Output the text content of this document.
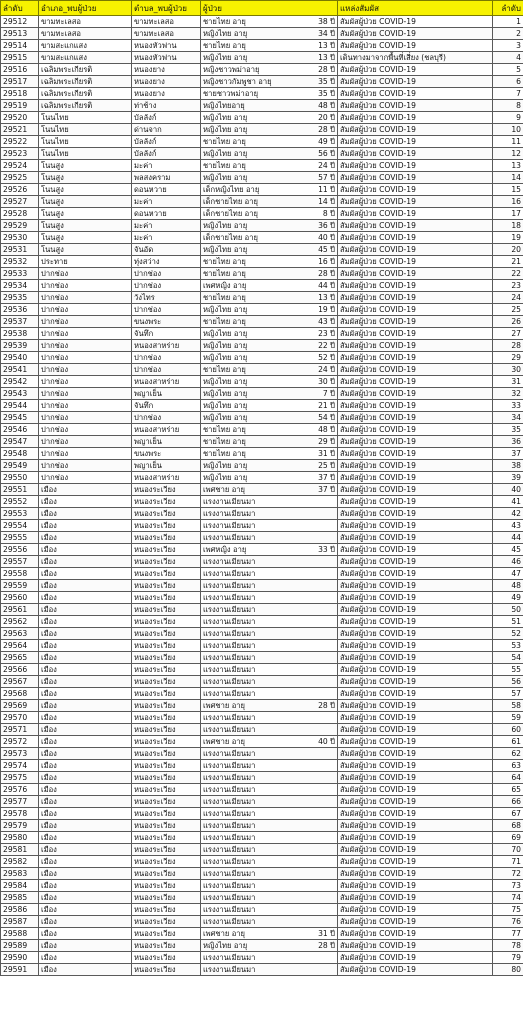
ลำดับ	อำเภอ_พบผู้ป่วย	ตำบล_พบผู้ป่วย	ผู้ป่วย	แหล่งสัมผัส	ลำดับ
29512	ขามทะเลสอ	ขามทะเลสอ	ชายไทย อายุ 38 ปี	สัมผัสผู้ป่วย COVID-19	1
29513	ขามทะเลสอ	ขามทะเลสอ	หญิงไทย อายุ 34 ปี	สัมผัสผู้ป่วย COVID-19	2
29514	ขามสะแกแสง	หนองหัวฟาน	ชายไทย อายุ 13 ปี	สัมผัสผู้ป่วย COVID-19	3
29515	ขามสะแกแสง	หนองหัวฟาน	หญิงไทย อายุ 13 ปี	เดินทางมาจากพื้นที่เสี่ยง (ชลบุรี)	4
29516	เฉลิมพระเกียรติ	หนองยาง	หญิงชาวพม่าอายุ 28 ปี	สัมผัสผู้ป่วย COVID-19	5
29517	เฉลิมพระเกียรติ	หนองยาง	หญิงชาวกัมพูชา อายุ 35 ปี	สัมผัสผู้ป่วย COVID-19	6
29518	เฉลิมพระเกียรติ	หนองยาง	ชายชาวพม่าอายุ 35 ปี	สัมผัสผู้ป่วย COVID-19	7
29519	เฉลิมพระเกียรติ	ท่าช้าง	หญิงไทยอายุ 48 ปี	สัมผัสผู้ป่วย COVID-19	8
29520	โนนไทย	บัลลังก์	หญิงไทย อายุ 20 ปี	สัมผัสผู้ป่วย COVID-19	9
29521	โนนไทย	ด่านจาก	หญิงไทย อายุ 28 ปี	สัมผัสผู้ป่วย COVID-19	10
29522	โนนไทย	บัลลังก์	ชายไทย อายุ 49 ปี	สัมผัสผู้ป่วย COVID-19	11
29523	โนนไทย	บัลลังก์	หญิงไทย อายุ 56 ปี	สัมผัสผู้ป่วย COVID-19	12
29524	โนนสูง	มะค่า	ชายไทย อายุ 24 ปี	สัมผัสผู้ป่วย COVID-19	13
29525	โนนสูง	พลสงคราม	หญิงไทย อายุ 57 ปี	สัมผัสผู้ป่วย COVID-19	14
29526	โนนสูง	ดอนหวาย	เด็กหญิงไทย อายุ 11 ปี	สัมผัสผู้ป่วย COVID-19	15
29527	โนนสูง	มะค่า	เด็กชายไทย อายุ 14 ปี	สัมผัสผู้ป่วย COVID-19	16
29528	โนนสูง	ดอนหวาย	เด็กชายไทย อายุ 8 ปี	สัมผัสผู้ป่วย COVID-19	17
29529	โนนสูง	มะค่า	หญิงไทย อายุ 36 ปี	สัมผัสผู้ป่วย COVID-19	18
29530	โนนสูง	มะค่า	เด็กชายไทย อายุ 40 ปี	สัมผัสผู้ป่วย COVID-19	19
29531	โนนสูง	จันอัด	หญิงไทย อายุ 45 ปี	สัมผัสผู้ป่วย COVID-19	20
29532	ประทาย	ทุ่งสว่าง	ชายไทย อายุ 16 ปี	สัมผัสผู้ป่วย COVID-19	21
29533	ปากช่อง	ปากช่อง	ชายไทย อายุ 28 ปี	สัมผัสผู้ป่วย COVID-19	22
29534	ปากช่อง	ปากช่อง	เพศหญิง อายุ 44 ปี	สัมผัสผู้ป่วย COVID-19	23
29535	ปากช่อง	วังไทร	ชายไทย อายุ 13 ปี	สัมผัสผู้ป่วย COVID-19	24
29536	ปากช่อง	ปากช่อง	หญิงไทย อายุ 19 ปี	สัมผัสผู้ป่วย COVID-19	25
29537	ปากช่อง	ขนงพระ	ชายไทย อายุ 43 ปี	สัมผัสผู้ป่วย COVID-19	26
29538	ปากช่อง	จันทึก	หญิงไทย อายุ 23 ปี	สัมผัสผู้ป่วย COVID-19	27
29539	ปากช่อง	หนองสาหร่าย	หญิงไทย อายุ 22 ปี	สัมผัสผู้ป่วย COVID-19	28
29540	ปากช่อง	ปากช่อง	หญิงไทย อายุ 52 ปี	สัมผัสผู้ป่วย COVID-19	29
29541	ปากช่อง	ปากช่อง	ชายไทย อายุ 24 ปี	สัมผัสผู้ป่วย COVID-19	30
29542	ปากช่อง	หนองสาหร่าย	หญิงไทย อายุ 30 ปี	สัมผัสผู้ป่วย COVID-19	31
29543	ปากช่อง	พญาเย็น	หญิงไทย อายุ 7 ปี	สัมผัสผู้ป่วย COVID-19	32
29544	ปากช่อง	จันทึก	หญิงไทย อายุ 21 ปี	สัมผัสผู้ป่วย COVID-19	33
29545	ปากช่อง	ปากช่อง	หญิงไทย อายุ 54 ปี	สัมผัสผู้ป่วย COVID-19	34
29546	ปากช่อง	หนองสาหร่าย	ชายไทย อายุ 48 ปี	สัมผัสผู้ป่วย COVID-19	35
29547	ปากช่อง	พญาเย็น	ชายไทย อายุ 29 ปี	สัมผัสผู้ป่วย COVID-19	36
29548	ปากช่อง	ขนงพระ	ชายไทย อายุ 31 ปี	สัมผัสผู้ป่วย COVID-19	37
29549	ปากช่อง	พญาเย็น	หญิงไทย อายุ 25 ปี	สัมผัสผู้ป่วย COVID-19	38
29550	ปากช่อง	หนองสาหร่าย	หญิงไทย อายุ 37 ปี	สัมผัสผู้ป่วย COVID-19	39
29551	เมือง	หนองระเวียง	เพศชาย อายุ 37 ปี	สัมผัสผู้ป่วย COVID-19	40
29552	เมือง	หนองระเวียง	แรงงานเมียนมา	สัมผัสผู้ป่วย COVID-19	41
29553	เมือง	หนองระเวียง	แรงงานเมียนมา	สัมผัสผู้ป่วย COVID-19	42
29554	เมือง	หนองระเวียง	แรงงานเมียนมา	สัมผัสผู้ป่วย COVID-19	43
29555	เมือง	หนองระเวียง	แรงงานเมียนมา	สัมผัสผู้ป่วย COVID-19	44
29556	เมือง	หนองระเวียง	เพศหญิง อายุ 33 ปี	สัมผัสผู้ป่วย COVID-19	45
29557	เมือง	หนองระเวียง	แรงงานเมียนมา	สัมผัสผู้ป่วย COVID-19	46
29558	เมือง	หนองระเวียง	แรงงานเมียนมา	สัมผัสผู้ป่วย COVID-19	47
29559	เมือง	หนองระเวียง	แรงงานเมียนมา	สัมผัสผู้ป่วย COVID-19	48
29560	เมือง	หนองระเวียง	แรงงานเมียนมา	สัมผัสผู้ป่วย COVID-19	49
29561	เมือง	หนองระเวียง	แรงงานเมียนมา	สัมผัสผู้ป่วย COVID-19	50
29562	เมือง	หนองระเวียง	แรงงานเมียนมา	สัมผัสผู้ป่วย COVID-19	51
29563	เมือง	หนองระเวียง	แรงงานเมียนมา	สัมผัสผู้ป่วย COVID-19	52
29564	เมือง	หนองระเวียง	แรงงานเมียนมา	สัมผัสผู้ป่วย COVID-19	53
29565	เมือง	หนองระเวียง	แรงงานเมียนมา	สัมผัสผู้ป่วย COVID-19	54
29566	เมือง	หนองระเวียง	แรงงานเมียนมา	สัมผัสผู้ป่วย COVID-19	55
29567	เมือง	หนองระเวียง	แรงงานเมียนมา	สัมผัสผู้ป่วย COVID-19	56
29568	เมือง	หนองระเวียง	แรงงานเมียนมา	สัมผัสผู้ป่วย COVID-19	57
29569	เมือง	หนองระเวียง	เพศชาย อายุ 28 ปี	สัมผัสผู้ป่วย COVID-19	58
29570	เมือง	หนองระเวียง	แรงงานเมียนมา	สัมผัสผู้ป่วย COVID-19	59
29571	เมือง	หนองระเวียง	แรงงานเมียนมา	สัมผัสผู้ป่วย COVID-19	60
29572	เมือง	หนองระเวียง	เพศชาย อายุ 40 ปี	สัมผัสผู้ป่วย COVID-19	61
29573	เมือง	หนองระเวียง	แรงงานเมียนมา	สัมผัสผู้ป่วย COVID-19	62
29574	เมือง	หนองระเวียง	แรงงานเมียนมา	สัมผัสผู้ป่วย COVID-19	63
29575	เมือง	หนองระเวียง	แรงงานเมียนมา	สัมผัสผู้ป่วย COVID-19	64
29576	เมือง	หนองระเวียง	แรงงานเมียนมา	สัมผัสผู้ป่วย COVID-19	65
29577	เมือง	หนองระเวียง	แรงงานเมียนมา	สัมผัสผู้ป่วย COVID-19	66
29578	เมือง	หนองระเวียง	แรงงานเมียนมา	สัมผัสผู้ป่วย COVID-19	67
29579	เมือง	หนองระเวียง	แรงงานเมียนมา	สัมผัสผู้ป่วย COVID-19	68
29580	เมือง	หนองระเวียง	แรงงานเมียนมา	สัมผัสผู้ป่วย COVID-19	69
29581	เมือง	หนองระเวียง	แรงงานเมียนมา	สัมผัสผู้ป่วย COVID-19	70
29582	เมือง	หนองระเวียง	แรงงานเมียนมา	สัมผัสผู้ป่วย COVID-19	71
29583	เมือง	หนองระเวียง	แรงงานเมียนมา	สัมผัสผู้ป่วย COVID-19	72
29584	เมือง	หนองระเวียง	แรงงานเมียนมา	สัมผัสผู้ป่วย COVID-19	73
29585	เมือง	หนองระเวียง	แรงงานเมียนมา	สัมผัสผู้ป่วย COVID-19	74
29586	เมือง	หนองระเวียง	แรงงานเมียนมา	สัมผัสผู้ป่วย COVID-19	75
29587	เมือง	หนองระเวียง	แรงงานเมียนมา	สัมผัสผู้ป่วย COVID-19	76
29588	เมือง	หนองระเวียง	เพศชาย อายุ 31 ปี	สัมผัสผู้ป่วย COVID-19	77
29589	เมือง	หนองระเวียง	หญิงไทย อายุ 28 ปี	สัมผัสผู้ป่วย COVID-19	78
29590	เมือง	หนองระเวียง	แรงงานเมียนมา	สัมผัสผู้ป่วย COVID-19	79
29591	เมือง	หนองระเวียง	แรงงานเมียนมา	สัมผัสผู้ป่วย COVID-19	80
